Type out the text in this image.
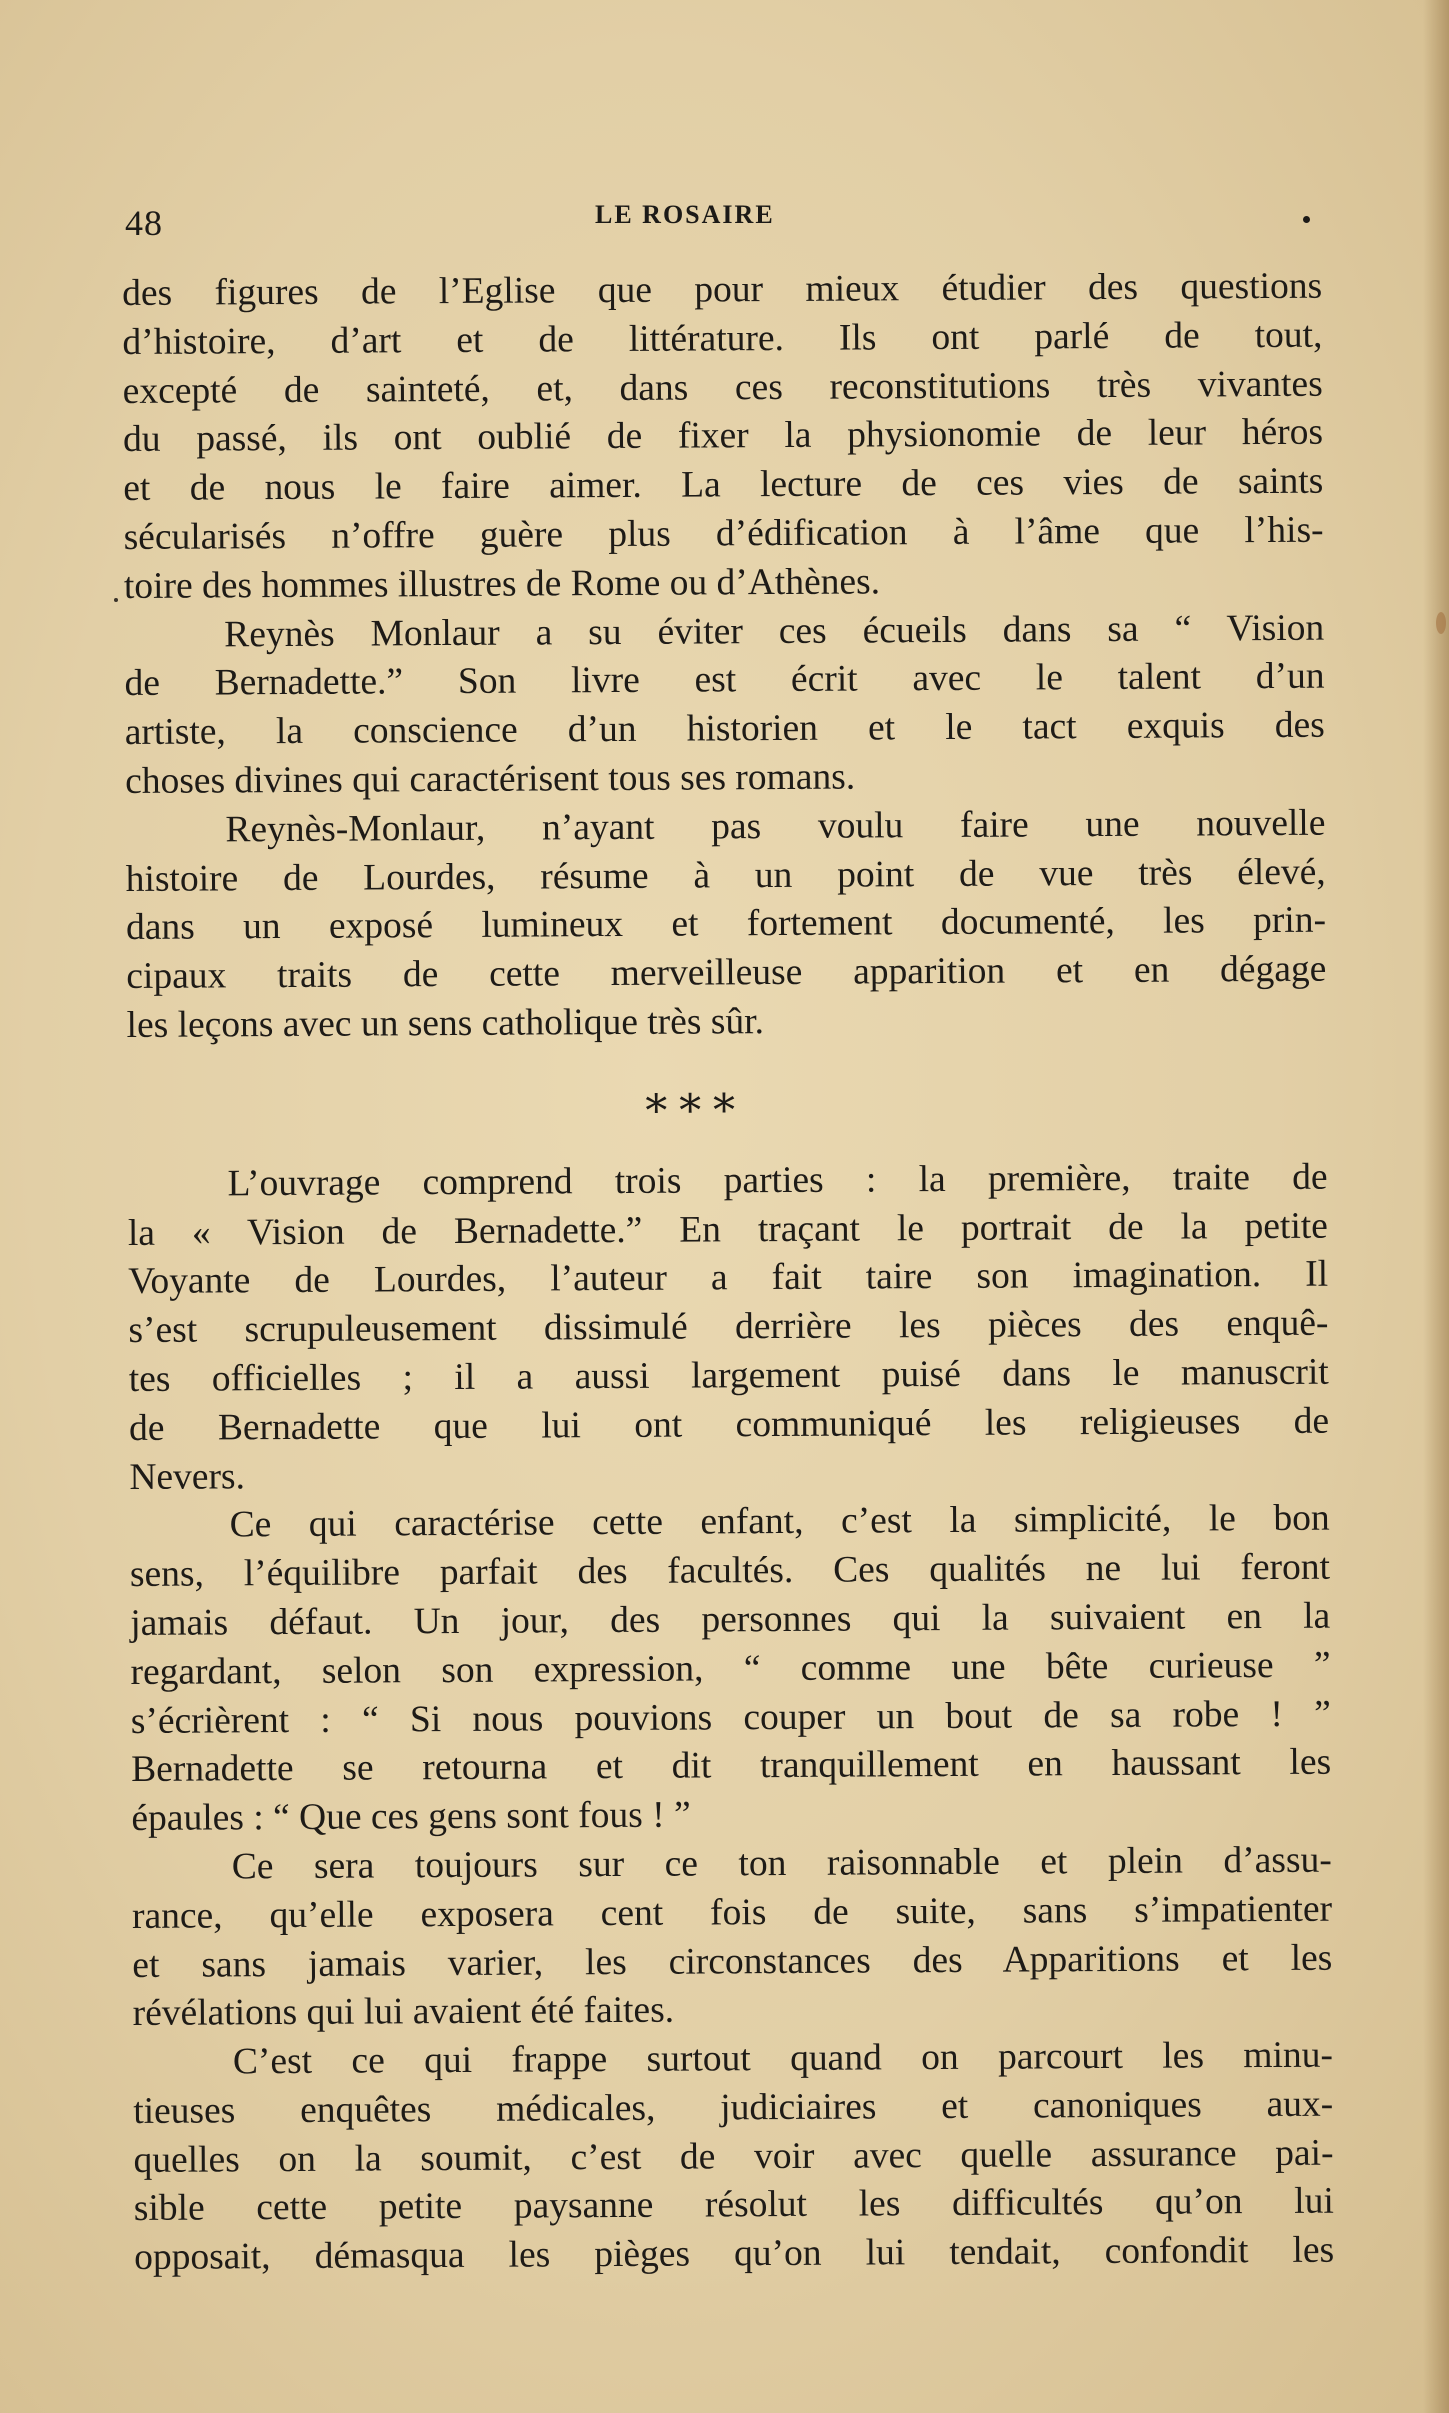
48	LE ROSAIRE
des figures de l’Eglise que pour mieux étudier des questions
d’histoire, d’art et de littérature. Ils ont parlé de tout,
excepté de sainteté, et, dans ces reconstitutions très vivantes
du passé, ils ont oublié de fixer la physionomie de leur héros
et de nous le faire aimer. La lecture de ces vies de saints
sécularisés n’offre guère plus d’édification à l’âme que l’his-
toire des hommes illustres de Rome ou d’Athènes.
Reynès Monlaur a su éviter ces écueils dans sa “ Vision
de Bernadette.” Son livre est écrit avec le talent d’un
artiste, la conscience d’un historien et le tact exquis des
choses divines qui caractérisent tous ses romans.
Reynès-Monlaur, n’ayant pas voulu faire une nouvelle
histoire de Lourdes, résume à un point de vue très élevé,
dans un exposé lumineux et fortement documenté, les prin-
cipaux traits de cette merveilleuse apparition et en dégage
les leçons avec un sens catholique très sûr.
∗∗∗
L’ouvrage comprend trois parties : la première, traite de
la « Vision de Bernadette.” En traçant le portrait de la petite
Voyante de Lourdes, l’auteur a fait taire son imagination. Il
s’est scrupuleusement dissimulé derrière les pièces des enquê-
tes officielles ; il a aussi largement puisé dans le manuscrit
de Bernadette que lui ont communiqué les religieuses de
Nevers.
Ce qui caractérise cette enfant, c’est la simplicité, le bon
sens, l’équilibre parfait des facultés. Ces qualités ne lui feront
jamais défaut. Un jour, des personnes qui la suivaient en la
regardant, selon son expression, “ comme une bête curieuse ”
s’écrièrent : “ Si nous pouvions couper un bout de sa robe ! ”
Bernadette se retourna et dit tranquillement en haussant les
épaules : “ Que ces gens sont fous ! ”
Ce sera toujours sur ce ton raisonnable et plein d’assu-
rance, qu’elle exposera cent fois de suite, sans s’impatienter
et sans jamais varier, les circonstances des Apparitions et les
révélations qui lui avaient été faites.
C’est ce qui frappe surtout quand on parcourt les minu-
tieuses enquêtes médicales, judiciaires et canoniques aux-
quelles on la soumit, c’est de voir avec quelle assurance pai-
sible cette petite paysanne résolut les difficultés qu’on lui
opposait, démasqua les pièges qu’on lui tendait, confondit les
